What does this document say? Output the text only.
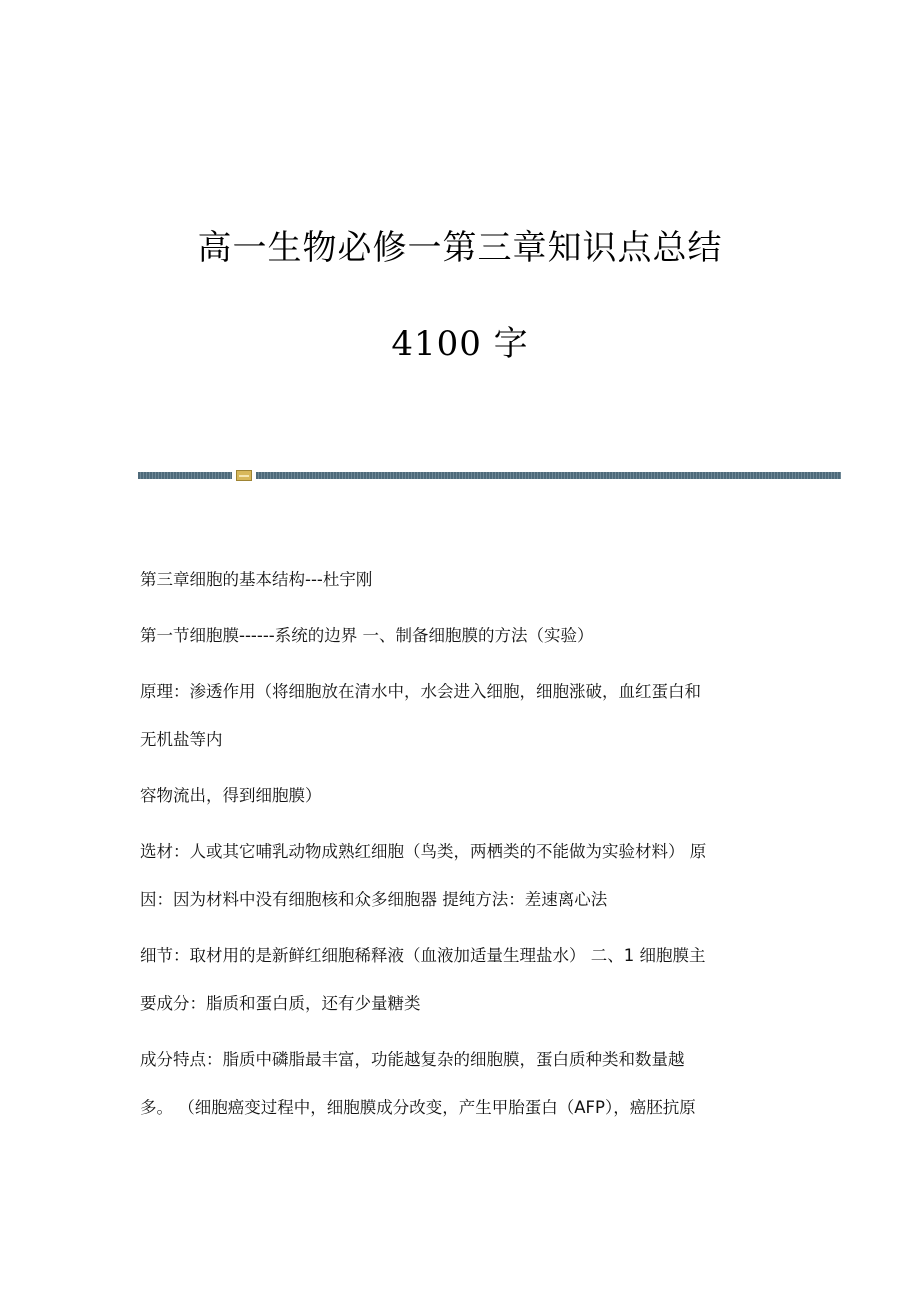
高一生物必修一第三章知识点总结
4100 字
第三章细胞的基本结构---杜宇刚
第一节细胞膜------系统的边界 一、制备细胞膜的方法（实验）
原理：渗透作用（将细胞放在清水中，水会进入细胞，细胞涨破，血红蛋白和
无机盐等内
容物流出，得到细胞膜）
选材：人或其它哺乳动物成熟红细胞（鸟类，两栖类的不能做为实验材料） 原
因：因为材料中没有细胞核和众多细胞器 提纯方法：差速离心法
细节：取材用的是新鲜红细胞稀释液（血液加适量生理盐水） 二、1 细胞膜主
要成分：脂质和蛋白质，还有少量糖类
成分特点：脂质中磷脂最丰富，功能越复杂的细胞膜，蛋白质种类和数量越
多。 （细胞癌变过程中，细胞膜成分改变，产生甲胎蛋白（AFP），癌胚抗原
